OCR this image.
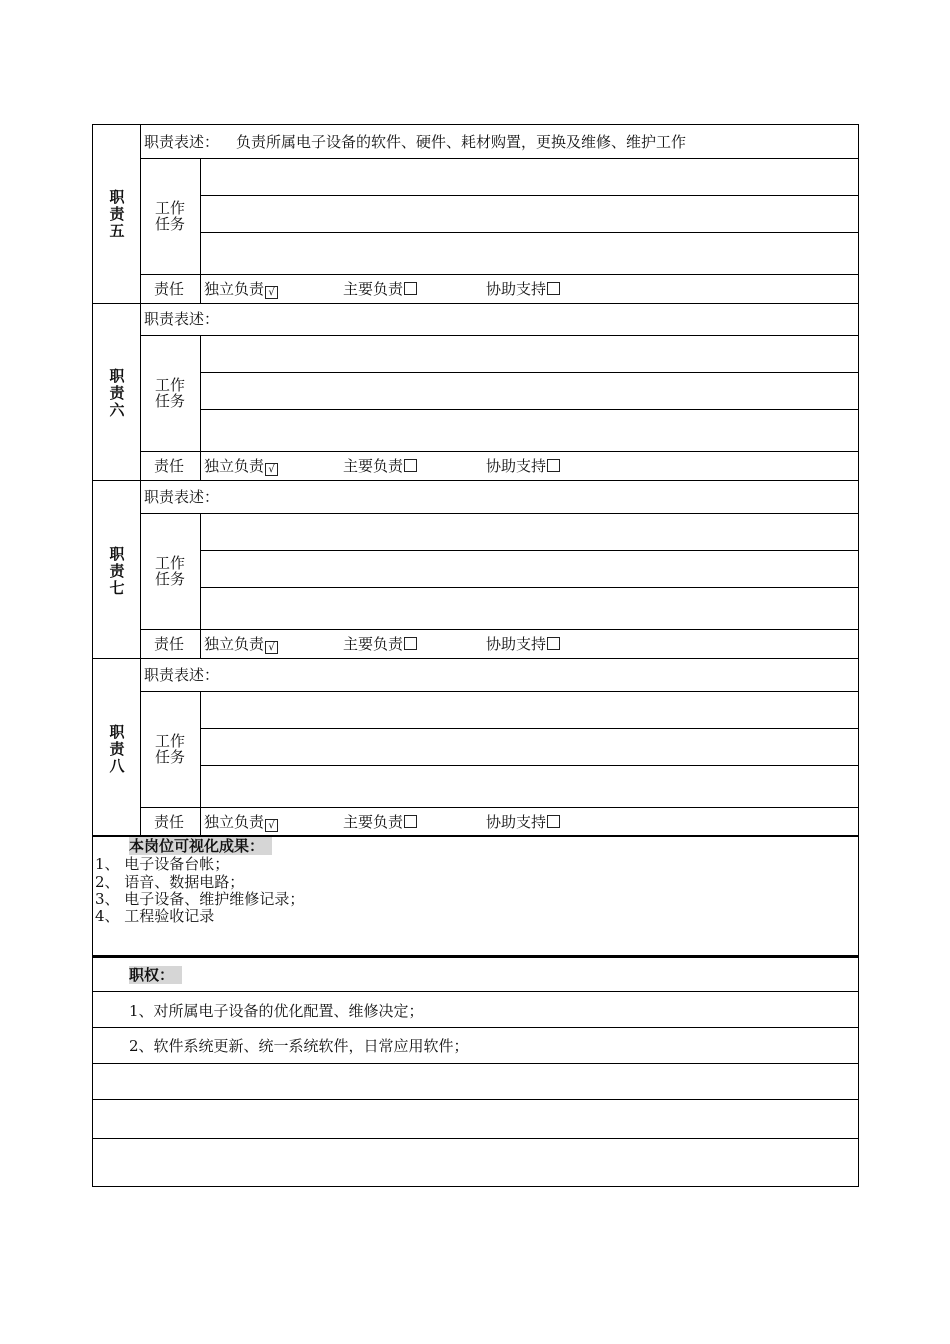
职责五
职责表述： 负责所属电子设备的软件、硬件、耗材购置，更换及维修、维护工作
工作任务
责任 独立负责 √	主要负责	协助支持
职责六
职责表述：
工作任务
责任 独立负责 √	主要负责	协助支持
职责七
职责表述：
工作任务
责任 独立负责 √	主要负责	协助支持
职责八
职责表述：
工作任务
责任 独立负责 √	主要负责	协助支持
本岗位可视化成果：
1、 电子设备台帐；
2、 语音、数据电路；
3、 电子设备、维护维修记录；
4、 工程验收记录
职权：
1、对所属电子设备的优化配置、维修决定；
2、软件系统更新、统一系统软件，日常应用软件；
